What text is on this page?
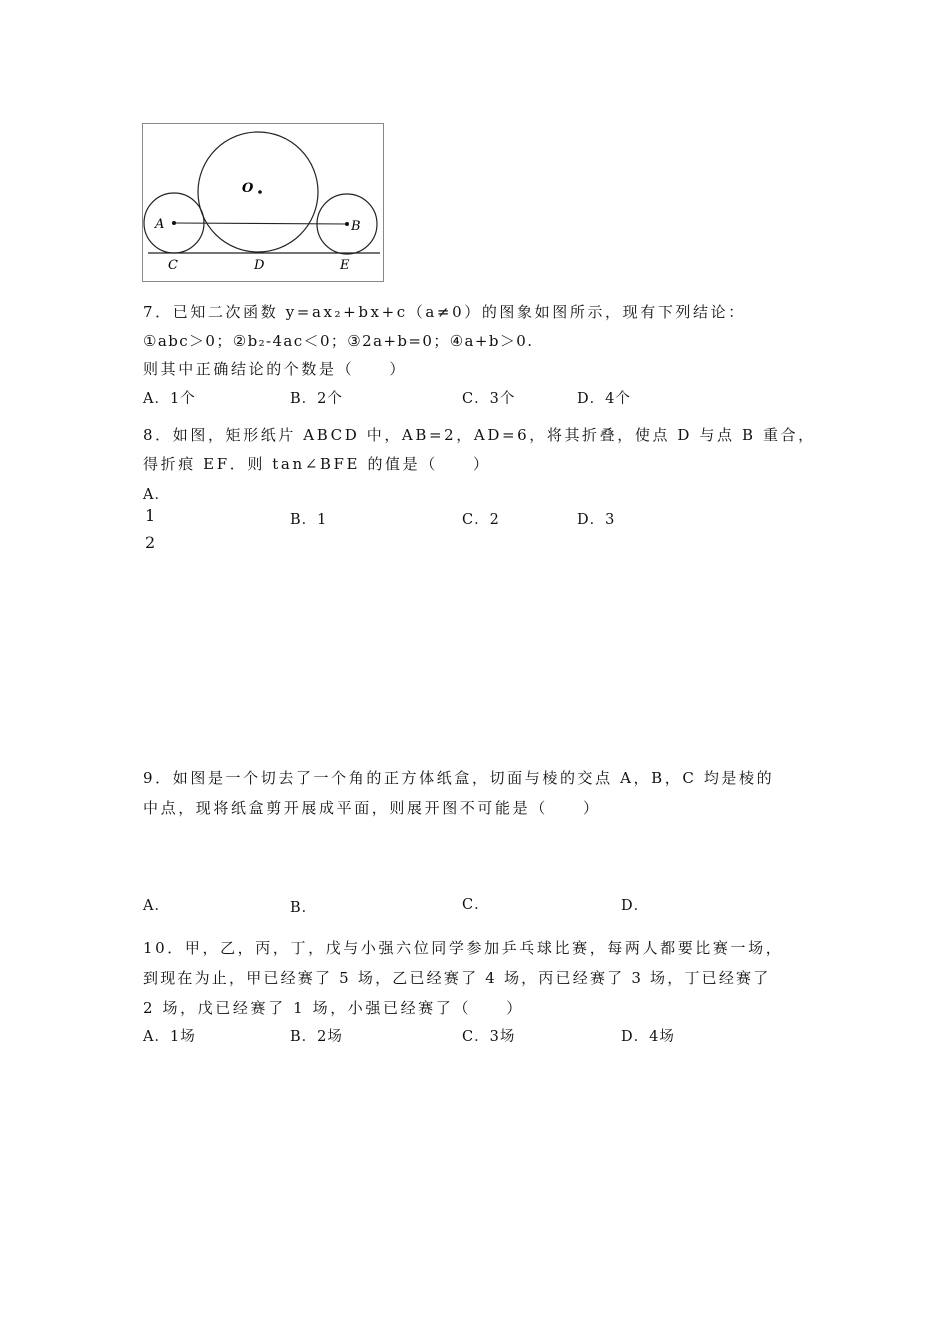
A	B
O
C	D	E
7．已知二次函数 y=ax₂+bx+c（a≠0）的图象如图所示，现有下列结论：
①abc＞0；②b₂-4ac＜0；③2a+b=0；④a+b＞0.
则其中正确结论的个数是（　　）
A．1个	B．2个	C．3个	D．4个
8．如图，矩形纸片 ABCD 中，AB=2，AD=6，将其折叠，使点 D 与点 B 重合，
得折痕 EF．则 tan∠BFE 的值是（　　）
A．
1
2
B．1	C．2	D．3
9．如图是一个切去了一个角的正方体纸盒，切面与棱的交点 A，B，C 均是棱的
中点，现将纸盒剪开展成平面，则展开图不可能是（　　）
A．	B．	C．	D．
10．甲，乙，丙，丁，戊与小强六位同学参加乒乓球比赛，每两人都要比赛一场，
到现在为止，甲已经赛了 5 场，乙已经赛了 4 场，丙已经赛了 3 场，丁已经赛了
2 场，戊已经赛了 1 场，小强已经赛了（　　）
A．1场	B．2场	C．3场	D．4场
